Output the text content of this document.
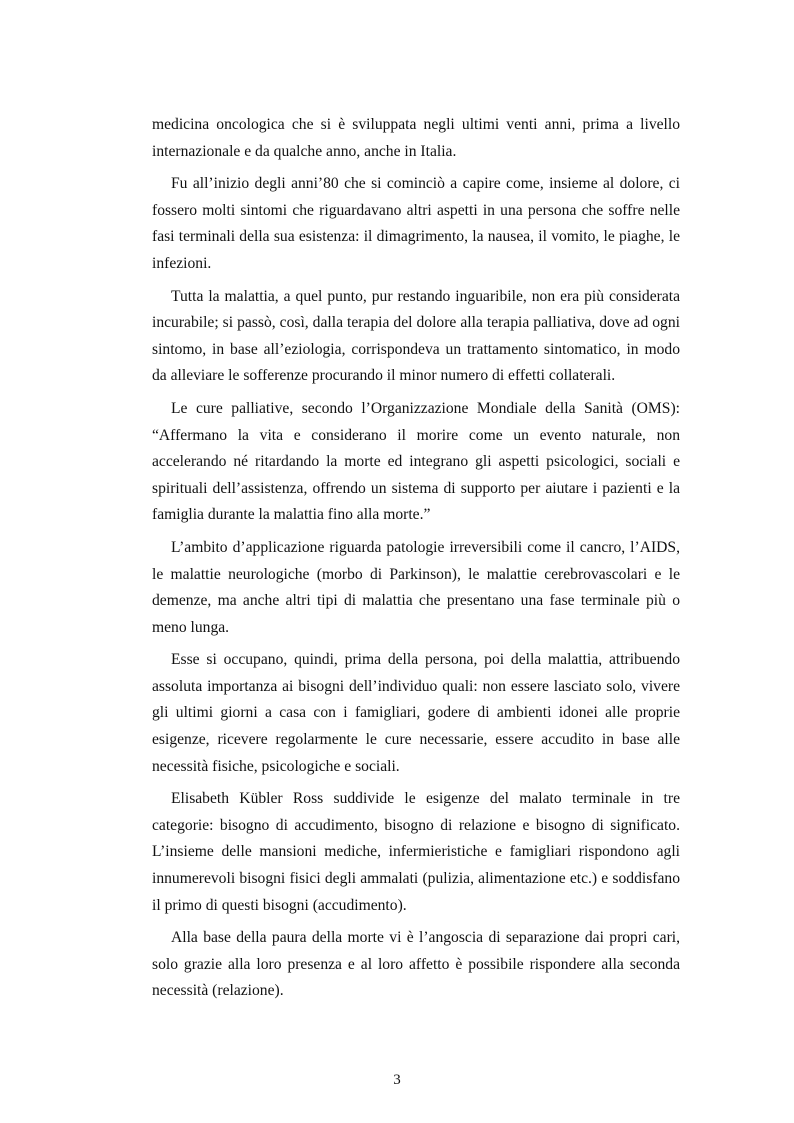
medicina oncologica che si è sviluppata negli ultimi venti anni, prima a livello internazionale e da qualche anno, anche in Italia.

Fu all’inizio degli anni’80 che si cominciò a capire come, insieme al dolore, ci fossero molti sintomi che riguardavano altri aspetti in una persona che soffre nelle fasi terminali della sua esistenza: il dimagrimento, la nausea, il vomito, le piaghe, le infezioni.

Tutta la malattia, a quel punto, pur restando inguaribile, non era più considerata incurabile; si passò, così, dalla terapia del dolore alla terapia palliativa, dove ad ogni sintomo, in base all’eziologia, corrispondeva un trattamento sintomatico, in modo da alleviare le sofferenze procurando il minor numero di effetti collaterali.

Le cure palliative, secondo l’Organizzazione Mondiale della Sanità (OMS): “Affermano la vita e considerano il morire come un evento naturale, non accelerando né ritardando la morte ed integrano gli aspetti psicologici, sociali e spirituali dell’assistenza, offrendo un sistema di supporto per aiutare i pazienti e la famiglia durante la malattia fino alla morte.”

L’ambito d’applicazione riguarda patologie irreversibili come il cancro, l’AIDS, le malattie neurologiche (morbo di Parkinson), le malattie cerebrovascolari e le demenze, ma anche altri tipi di malattia che presentano una fase terminale più o meno lunga.

Esse si occupano, quindi, prima della persona, poi della malattia, attribuendo assoluta importanza ai bisogni dell’individuo quali: non essere lasciato solo, vivere gli ultimi giorni a casa con i famigliari, godere di ambienti idonei alle proprie esigenze, ricevere regolarmente le cure necessarie, essere accudito in base alle necessità fisiche, psicologiche e sociali.

Elisabeth Kübler Ross suddivide le esigenze del malato terminale in tre categorie: bisogno di accudimento, bisogno di relazione e bisogno di significato. L’insieme delle mansioni mediche, infermieristiche e famigliari rispondono agli innumerevoli bisogni fisici degli ammalati (pulizia, alimentazione etc.) e soddisfano il primo di questi bisogni (accudimento).

Alla base della paura della morte vi è l’angoscia di separazione dai propri cari, solo grazie alla loro presenza e al loro affetto è possibile rispondere alla seconda necessità (relazione).

3
